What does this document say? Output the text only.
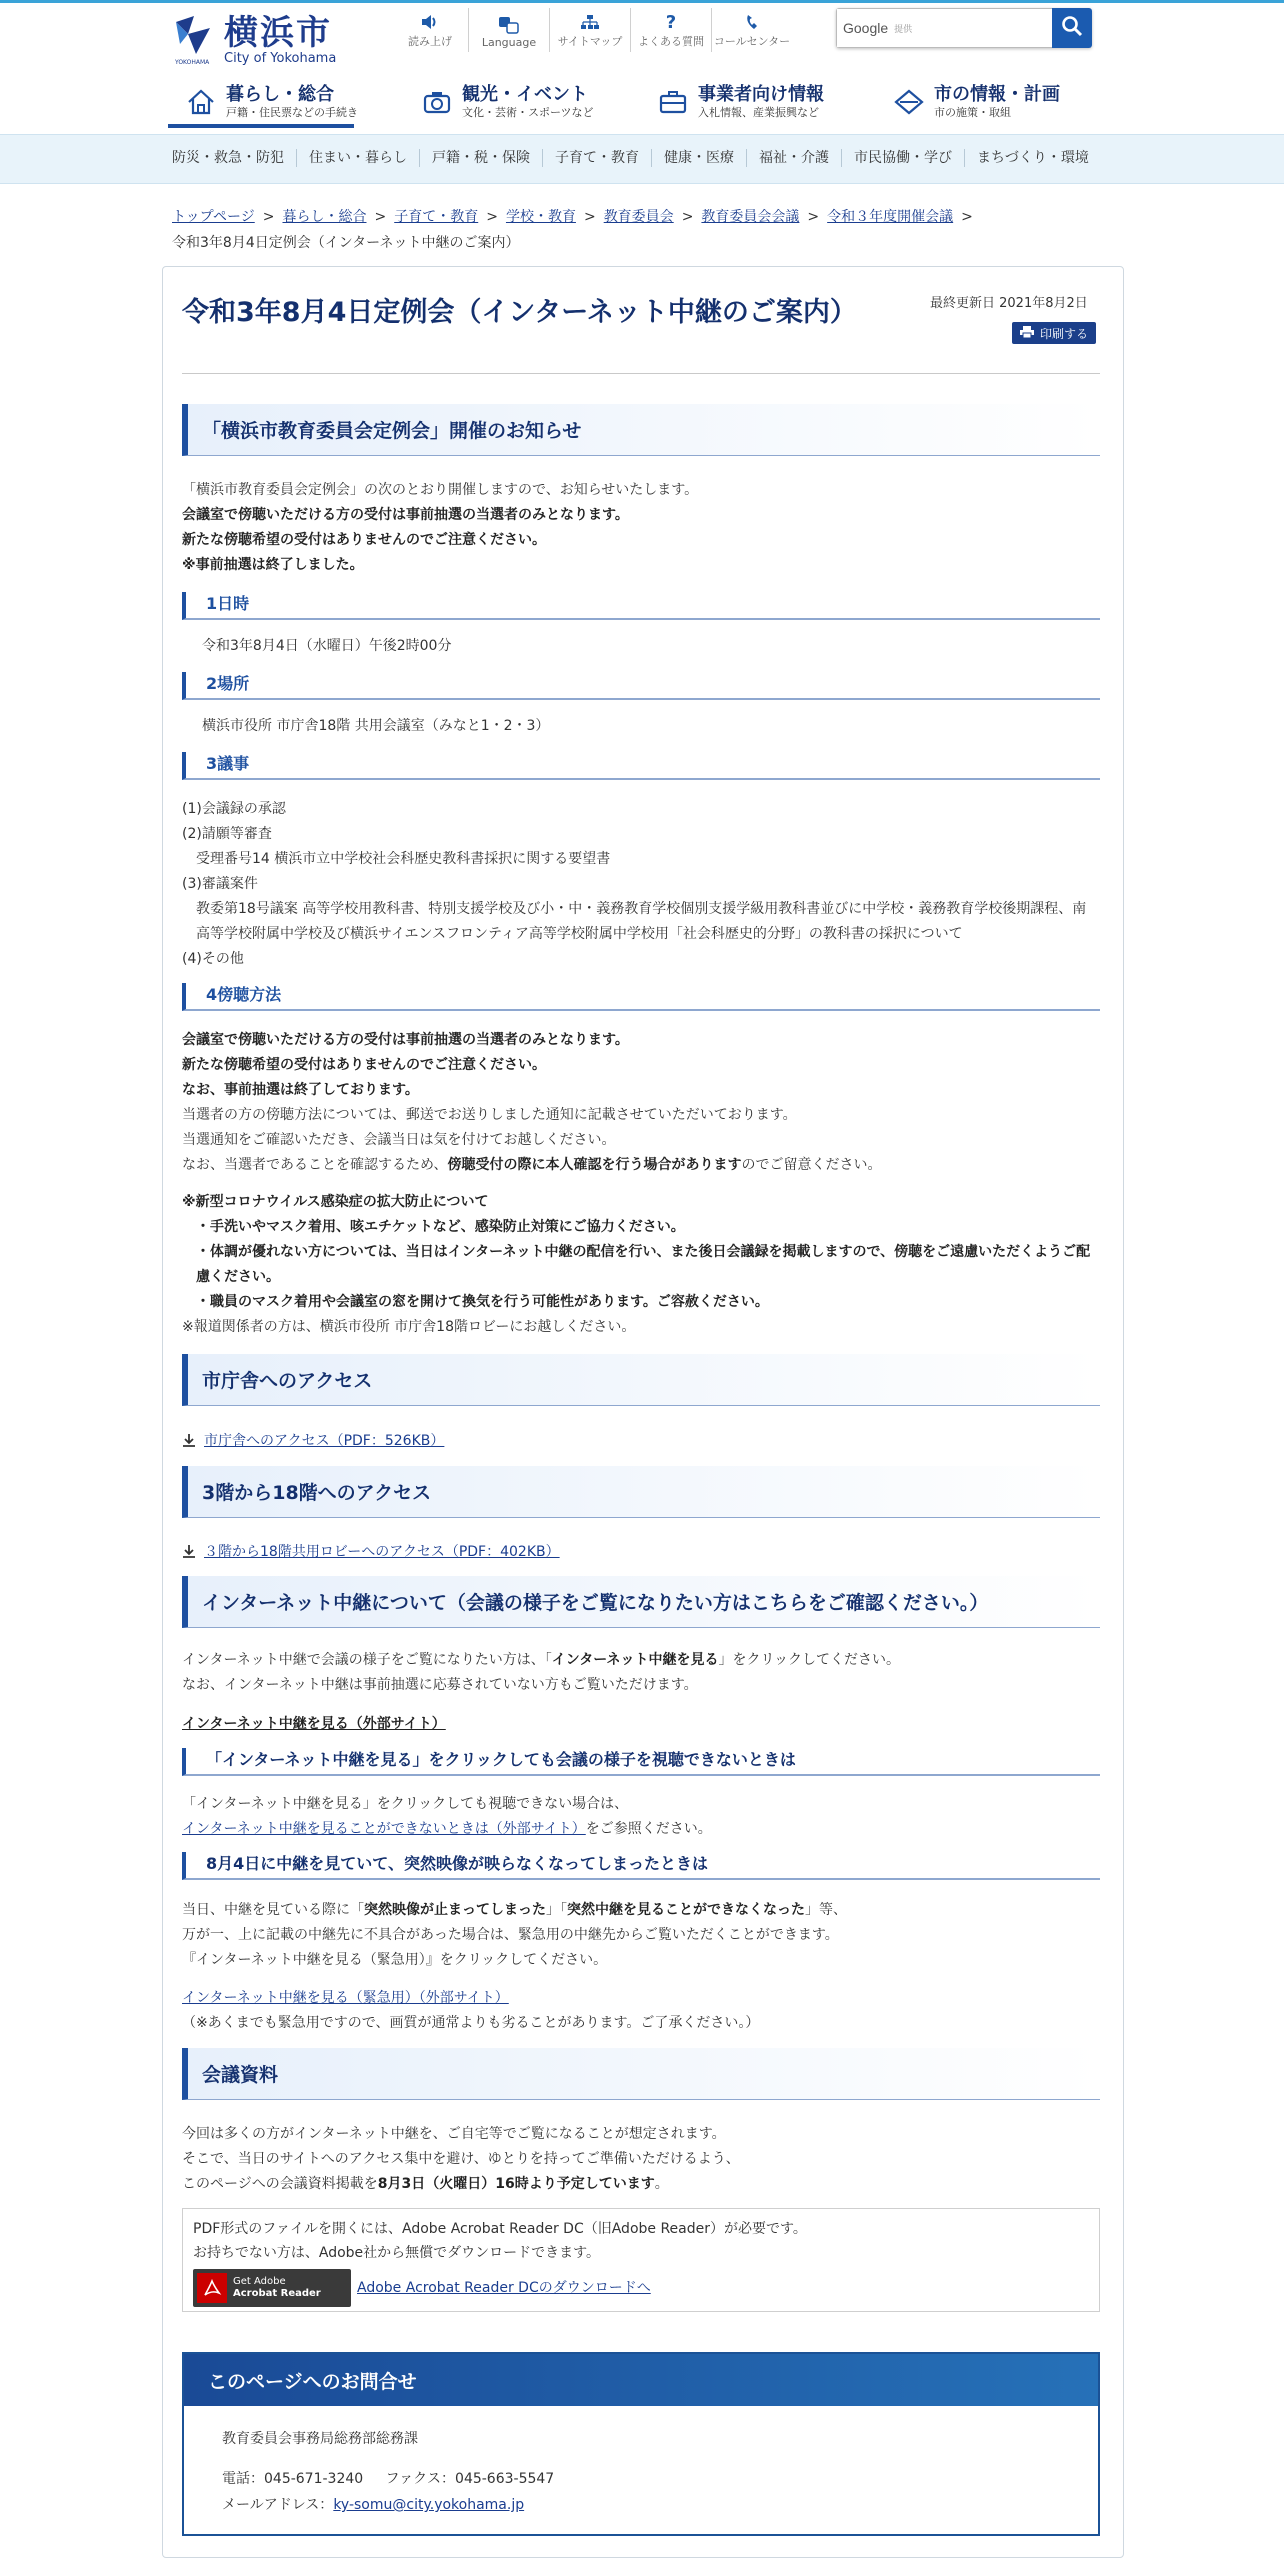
YOKOHAMA
横浜市
City of Yokohama
読み上げ	Language サイトマップ
?
よくある質問 コールセンター
Google 提供
暮らし・総合
戸籍・住民票などの手続き
観光・イベント
文化・芸術・スポーツなど
事業者向け情報
入札情報、産業振興など
市の情報・計画
市の施策・取組
防災・救急・防犯	住まい・暮らし	戸籍・税・保険	子育て・教育	健康・医療	福祉・介護	市民協働・学び	まちづくり・環境
トップページ > 暮らし・総合 > 子育て・教育 > 学校・教育 > 教育委員会 > 教育委員会会議 > 令和３年度開催会議 >
令和3年8月4日定例会（インターネット中継のご案内）
令和3年8月4日定例会（インターネット中継のご案内）	最終更新日 2021年8月2日
印刷する
「横浜市教育委員会定例会」開催のお知らせ

「横浜市教育委員会定例会」の次のとおり開催しますので、お知らせいたします。

会議室で傍聴いただける方の受付は事前抽選の当選者のみとなります。

新たな傍聴希望の受付はありませんのでご注意ください。

※事前抽選は終了しました。

1日時

令和3年8月4日（水曜日）午後2時00分

2場所

横浜市役所 市庁舎18階 共用会議室（みなと1・2・3）

3議事

(1)会議録の承認

(2)請願等審査

受理番号14 横浜市立中学校社会科歴史教科書採択に関する要望書

(3)審議案件

教委第18号議案 高等学校用教科書、特別支援学校及び小・中・義務教育学校個別支援学級用教科書並びに中学校・義務教育学校後期課程、南高等学校附属中学校及び横浜サイエンスフロンティア高等学校附属中学校用「社会科歴史的分野」の教科書の採択について

(4)その他

4傍聴方法

会議室で傍聴いただける方の受付は事前抽選の当選者のみとなります。

新たな傍聴希望の受付はありませんのでご注意ください。

なお、事前抽選は終了しております。

当選者の方の傍聴方法については、郵送でお送りしました通知に記載させていただいております。

当選通知をご確認いただき、会議当日は気を付けてお越しください。

なお、当選者であることを確認するため、傍聴受付の際に本人確認を行う場合がありますのでご留意ください。

※新型コロナウイルス感染症の拡大防止について

・手洗いやマスク着用、咳エチケットなど、感染防止対策にご協力ください。

・体調が優れない方については、当日はインターネット中継の配信を行い、また後日会議録を掲載しますので、傍聴をご遠慮いただくようご配慮ください。

・職員のマスク着用や会議室の窓を開けて換気を行う可能性があります。ご容赦ください。

※報道関係者の方は、横浜市役所 市庁舎18階ロビーにお越しください。

市庁舎へのアクセス
市庁舎へのアクセス（PDF：526KB）
3階から18階へのアクセス
３階から18階共用ロビーへのアクセス（PDF：402KB）
インターネット中継について（会議の様子をご覧になりたい方はこちらをご確認ください。）

インターネット中継で会議の様子をご覧になりたい方は、「インターネット中継を見る」をクリックしてください。

なお、インターネット中継は事前抽選に応募されていない方もご覧いただけます。

インターネット中継を見る（外部サイト）
「インターネット中継を見る」をクリックしても会議の様子を視聴できないときは

「インターネット中継を見る」をクリックしても視聴できない場合は、

インターネット中継を見ることができないときは（外部サイト）をご参照ください。

8月4日に中継を見ていて、突然映像が映らなくなってしまったときは

当日、中継を見ている際に「突然映像が止まってしまった」「突然中継を見ることができなくなった」等、

万が一、上に記載の中継先に不具合があった場合は、緊急用の中継先からご覧いただくことができます。

『インターネット中継を見る（緊急用）』をクリックしてください。

インターネット中継を見る（緊急用）（外部サイト）

（※あくまでも緊急用ですので、画質が通常よりも劣ることがあります。ご了承ください。）

会議資料

今回は多くの方がインターネット中継を、ご自宅等でご覧になることが想定されます。

そこで、当日のサイトへのアクセス集中を避け、ゆとりを持ってご準備いただけるよう、

このページへの会議資料掲載を8月3日（火曜日）16時より予定しています。

PDF形式のファイルを開くには、Adobe Acrobat Reader DC（旧Adobe Reader）が必要です。
お持ちでない方は、Adobe社から無償でダウンロードできます。
Get Adobe
Acrobat Reader	Adobe Acrobat Reader DCのダウンロードへ
このページへのお問合せ

教育委員会事務局総務部総務課

電話：045-671-3240 ファクス：045-663-5547

メールアドレス：ky-somu@city.yokohama.jp
